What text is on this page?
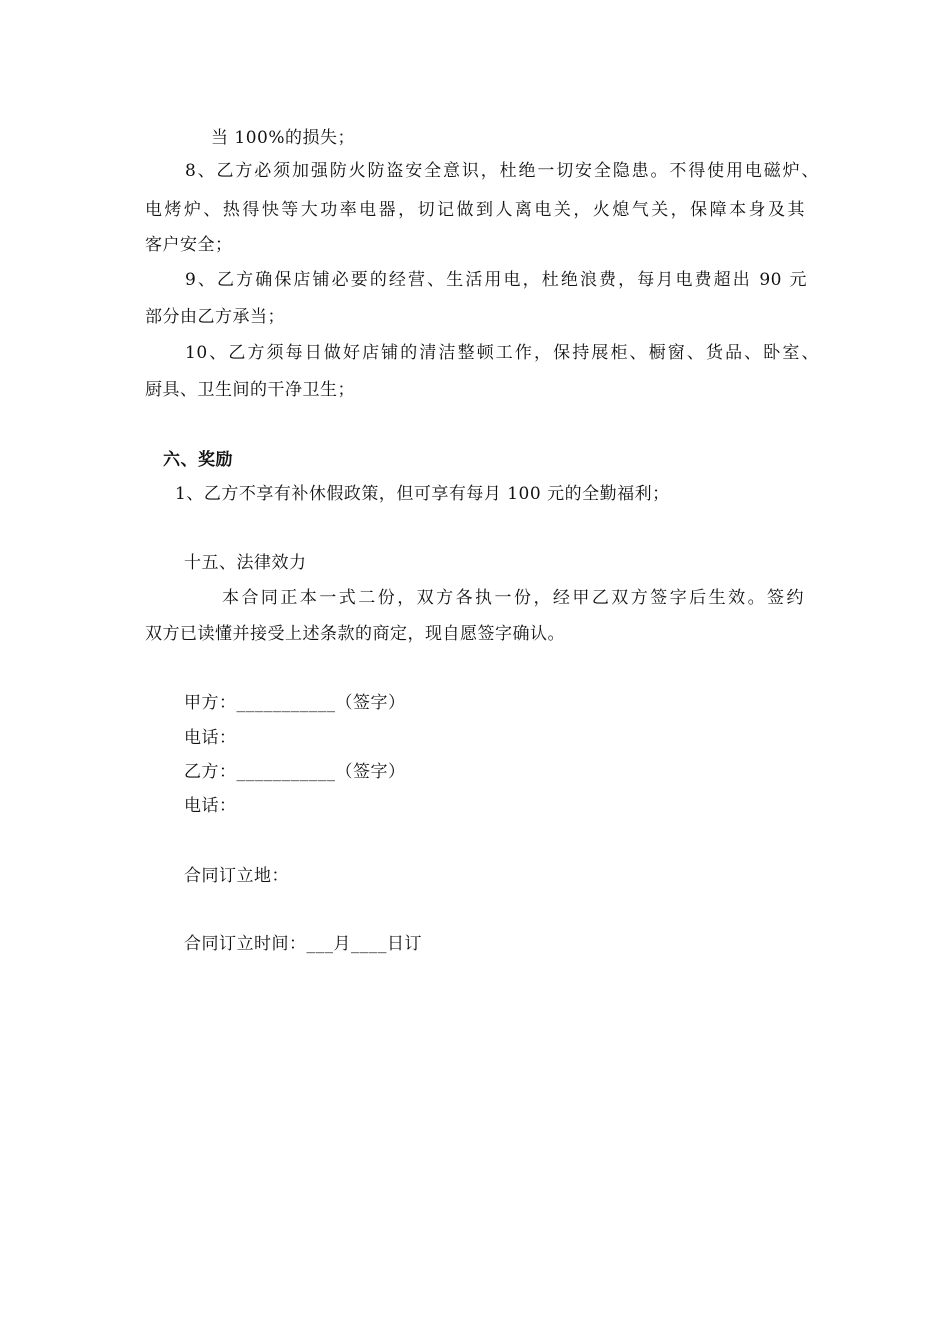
当 100%的损失；
8、乙方必须加强防火防盗安全意识，杜绝一切安全隐患。不得使用电磁炉、
电烤炉、热得快等大功率电器，切记做到人离电关，火熄气关，保障本身及其
客户安全；
9、乙方确保店铺必要的经营、生活用电，杜绝浪费，每月电费超出 90 元
部分由乙方承当；
10、乙方须每日做好店铺的清洁整顿工作，保持展柜、橱窗、货品、卧室、
厨具、卫生间的干净卫生；
六、奖励
1、乙方不享有补休假政策，但可享有每月 100 元的全勤福利；
十五、法律效力
本合同正本一式二份，双方各执一份，经甲乙双方签字后生效。签约
双方已读懂并接受上述条款的商定，现自愿签字确认。
甲方：___________（签字）
电话：
乙方：___________（签字）
电话：
合同订立地：
合同订立时间：___月____日订
